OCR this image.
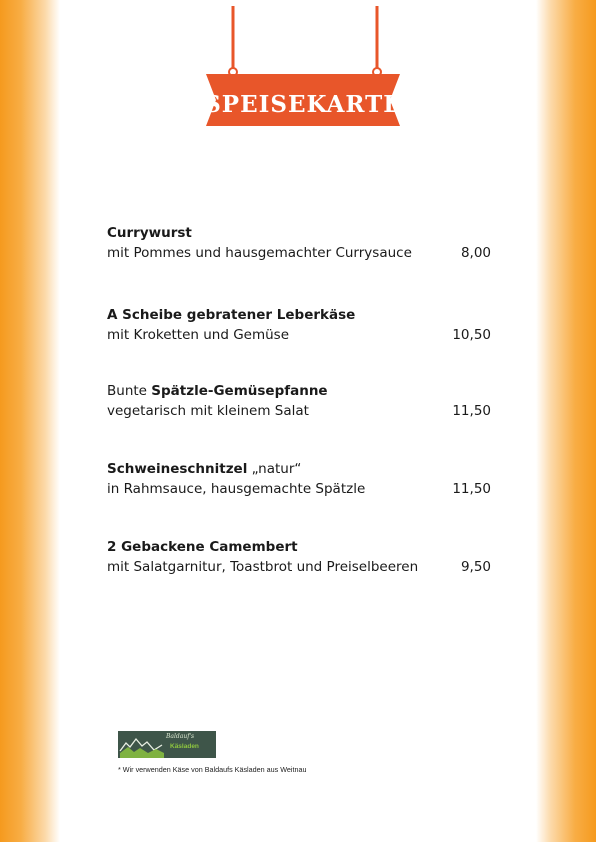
SPEISEKARTE
Currywurst
mit Pommes und hausgemachter Currysauce	8,00
A Scheibe gebratener Leberkäse
mit Kroketten und Gemüse	10,50
Bunte Spätzle-Gemüsepfanne
vegetarisch mit kleinem Salat	11,50
Schweineschnitzel „natur“
in Rahmsauce, hausgemachte Spätzle	11,50
2 Gebackene Camembert
mit Salatgarnitur, Toastbrot und Preiselbeeren	9,50
Baldauf's
Käsladen
* Wir verwenden Käse von Baldaufs Käsladen aus Weitnau
